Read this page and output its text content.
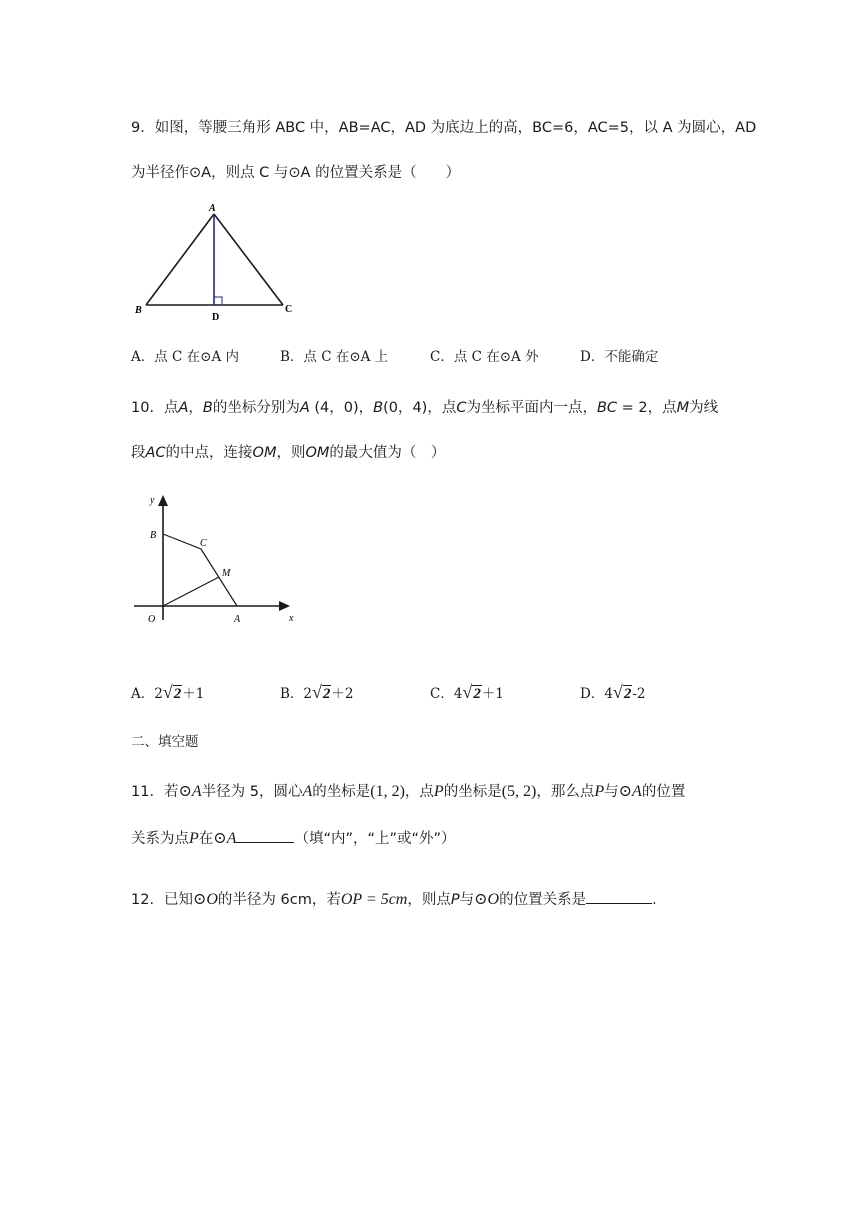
9．如图，等腰三角形 ABC 中，AB=AC，AD 为底边上的高，BC=6，AC=5，以 A 为圆心，AD
为半径作⊙A，则点 C 与⊙A 的位置关系是（　　）
A
B	C
D
A．点 C 在⊙A 内	B．点 C 在⊙A 上	C．点 C 在⊙A 外	D．不能确定
10．点A，B的坐标分别为A (4，0)，B(0，4)，点C为坐标平面内一点，BC = 2，点M为线
段AC的中点，连接OM，则OM的最大值为（　）
y
x
O	A
B
C
M
A．2√2＋1	B．2√2＋2	C．4√2＋1	D．4√2-2
二、填空题
11．若⊙A半径为 5，圆心A的坐标是(1, 2)，点P的坐标是(5, 2)，那么点P与⊙A的位置
关系为点P在⊙A	（填“内”，“上”或“外”）
12．已知⊙O的半径为 6cm，若OP = 5cm，则点P与⊙O的位置关系是	．
